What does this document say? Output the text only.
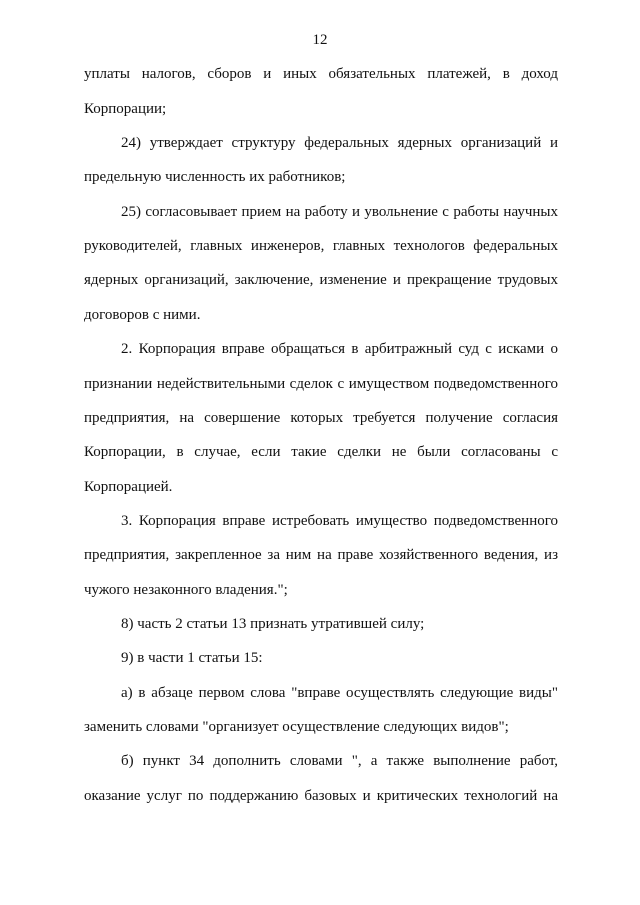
12
уплаты налогов, сборов и иных обязательных платежей, в доход
Корпорации;
24) утверждает структуру федеральных ядерных организаций и
предельную численность их работников;
25) согласовывает прием на работу и увольнение с работы научных
руководителей, главных инженеров, главных технологов федеральных
ядерных организаций, заключение, изменение и прекращение трудовых
договоров с ними.
2. Корпорация вправе обращаться в арбитражный суд с исками о
признании недействительными сделок с имуществом подведомственного
предприятия, на совершение которых требуется получение согласия
Корпорации, в случае, если такие сделки не были согласованы с
Корпорацией.
3. Корпорация вправе истребовать имущество подведомственного
предприятия, закрепленное за ним на праве хозяйственного ведения, из
чужого незаконного владения.";
8) часть 2 статьи 13 признать утратившей силу;
9) в части 1 статьи 15:
а) в абзаце первом слова "вправе осуществлять следующие виды"
заменить словами "организует осуществление следующих видов";
б) пункт 34 дополнить словами ", а также выполнение работ,
оказание услуг по поддержанию базовых и критических технологий на
